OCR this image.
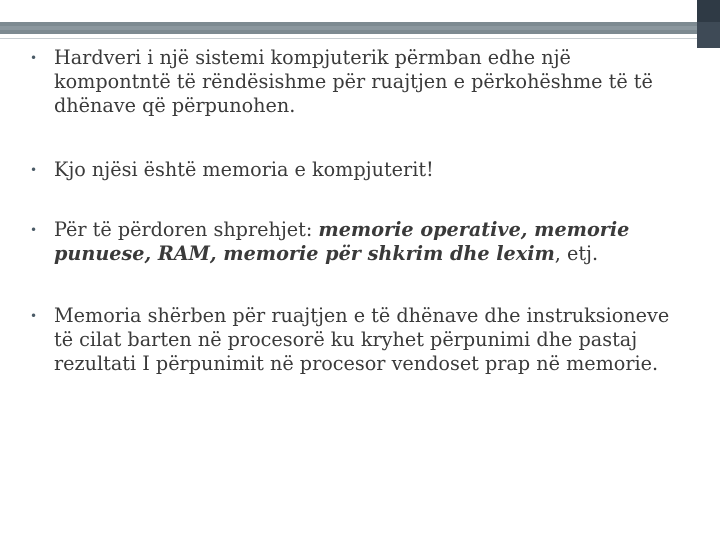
• Hardveri i një sistemi kompjuterik përmban edhe një kompontntë të rëndësishme për ruajtjen e përkohëshme të të dhënave që përpunohen.
• Kjo njësi është memoria e kompjuterit!
• Për të përdoren shprehjet: memorie operative, memorie punuese, RAM, memorie për shkrim dhe lexim, etj.
• Memoria shërben për ruajtjen e të dhënave dhe instruksioneve të cilat barten në procesorë ku kryhet përpunimi dhe pastaj rezultati I përpunimit në procesor vendoset prap në memorie.
